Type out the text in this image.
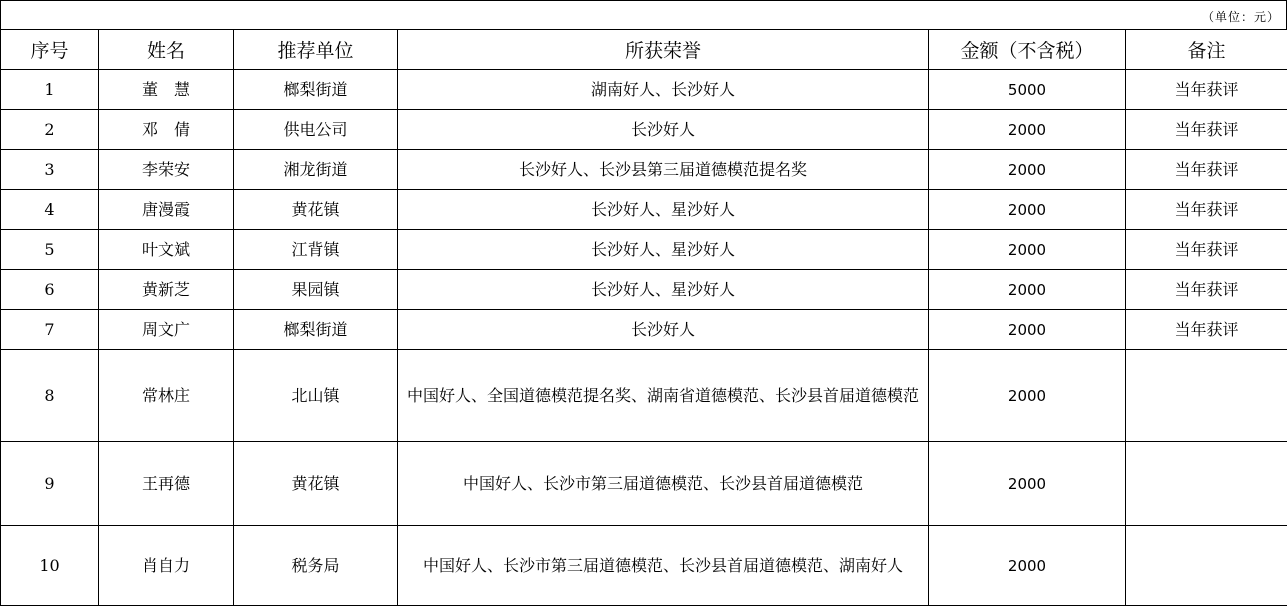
（单位：元）
序号	姓名	推荐单位	所获荣誉	金额（不含税）	备注
1	董　慧	榔梨街道	湖南好人、长沙好人	5000	当年获评
2	邓　倩	供电公司	长沙好人	2000	当年获评
3	李荣安	湘龙街道	长沙好人、长沙县第三届道德模范提名奖	2000	当年获评
4	唐漫霞	黄花镇	长沙好人、星沙好人	2000	当年获评
5	叶文斌	江背镇	长沙好人、星沙好人	2000	当年获评
6	黄新芝	果园镇	长沙好人、星沙好人	2000	当年获评
7	周文广	榔梨街道	长沙好人	2000	当年获评
8	常林庄	北山镇	中国好人、全国道德模范提名奖、湖南省道德模范、长沙县首届道德模范	2000	
9	王再德	黄花镇	中国好人、长沙市第三届道德模范、长沙县首届道德模范	2000	
10	肖自力	税务局	中国好人、长沙市第三届道德模范、长沙县首届道德模范、湖南好人	2000	
